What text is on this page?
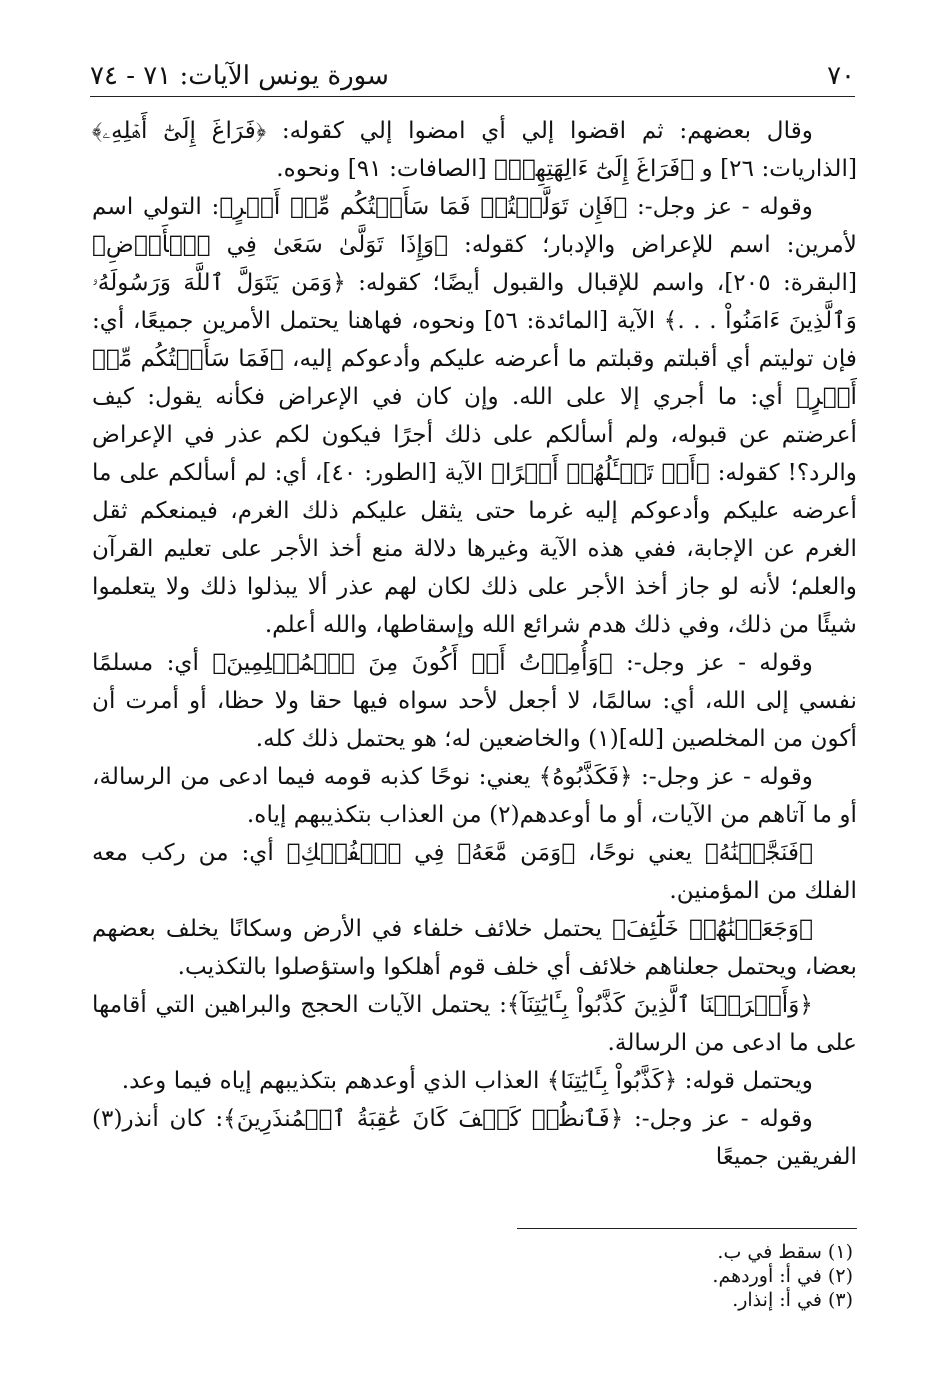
٧٠
سورة يونس الآيات: ٧١ - ٧٤

وقال بعضهم: ثم اقضوا إلي أي امضوا إلي كقوله: ﴿فَرَاغَ إِلَىٰٓ أَهۡلِهِۦ﴾ [الذاريات: ٢٦] و ﴿فَرَاغَ إِلَىٰٓ ءَالِهَتِهِمۡ﴾ [الصافات: ٩١] ونحوه.

وقوله - عز وجل-: ﴿فَإِن تَوَلَّيۡتُمۡ فَمَا سَأَلۡتُكُم مِّنۡ أَجۡرٍ﴾: التولي اسم لأمرين: اسم للإعراض والإدبار؛ كقوله: ﴿وَإِذَا تَوَلَّىٰ سَعَىٰ فِي ٱلۡأَرۡضِ﴾ [البقرة: ٢٠٥]، واسم للإقبال والقبول أيضًا؛ كقوله: ﴿وَمَن يَتَوَلَّ ٱللَّهَ وَرَسُولَهُۥ وَٱلَّذِينَ ءَامَنُواْ . . .﴾ الآية [المائدة: ٥٦] ونحوه، فهاهنا يحتمل الأمرين جميعًا، أي: فإن توليتم أي أقبلتم وقبلتم ما أعرضه عليكم وأدعوكم إليه، ﴿فَمَا سَأَلۡتُكُم مِّنۡ أَجۡرٍ﴾ أي: ما أجري إلا على الله. وإن كان في الإعراض فكأنه يقول: كيف أعرضتم عن قبوله، ولم أسألكم على ذلك أجرًا فيكون لكم عذر في الإعراض والرد؟! كقوله: ﴿أَمۡ تَسۡـَٔلُهُمۡ أَجۡرًا﴾ الآية [الطور: ٤٠]، أي: لم أسألكم على ما أعرضه عليكم وأدعوكم إليه غرما حتى يثقل عليكم ذلك الغرم، فيمنعكم ثقل الغرم عن الإجابة، ففي هذه الآية وغيرها دلالة منع أخذ الأجر على تعليم القرآن والعلم؛ لأنه لو جاز أخذ الأجر على ذلك لكان لهم عذر ألا يبذلوا ذلك ولا يتعلموا شيئًا من ذلك، وفي ذلك هدم شرائع الله وإسقاطها، والله أعلم.

وقوله - عز وجل-: ﴿وَأُمِرۡتُ أَنۡ أَكُونَ مِنَ ٱلۡمُسۡلِمِينَ﴾ أي: مسلمًا نفسي إلى الله، أي: سالمًا، لا أجعل لأحد سواه فيها حقا ولا حظا، أو أمرت أن أكون من المخلصين [لله](١) والخاضعين له؛ هو يحتمل ذلك كله.

وقوله - عز وجل-: ﴿فَكَذَّبُوهُ﴾ يعني: نوحًا كذبه قومه فيما ادعى من الرسالة، أو ما آتاهم من الآيات، أو ما أوعدهم(٢) من العذاب بتكذيبهم إياه.

﴿فَنَجَّيۡنَٰهُ﴾ يعني نوحًا، ﴿وَمَن مَّعَهُۥ فِي ٱلۡفُلۡكِ﴾ أي: من ركب معه الفلك من المؤمنين.

﴿وَجَعَلۡنَٰهُمۡ خَلَٰٓئِفَ﴾ يحتمل خلائف خلفاء في الأرض وسكانًا يخلف بعضهم بعضا، ويحتمل جعلناهم خلائف أي خلف قوم أهلكوا واستؤصلوا بالتكذيب.

﴿وَأَغۡرَقۡنَا ٱلَّذِينَ كَذَّبُواْ بِـَٔايَٰتِنَآ﴾: يحتمل الآيات الحجج والبراهين التي أقامها على ما ادعى من الرسالة.

ويحتمل قوله: ﴿كَذَّبُواْ بِـَٔايَٰتِنَا﴾ العذاب الذي أوعدهم بتكذيبهم إياه فيما وعد.

وقوله - عز وجل-: ﴿فَٱنظُرۡ كَيۡفَ كَانَ عَٰقِبَةُ ٱلۡمُنذَرِينَ﴾: كان أنذر(٣) الفريقين جميعًا

(١) سقط في ب.
(٢) في أ: أوردهم.
(٣) في أ: إنذار.
